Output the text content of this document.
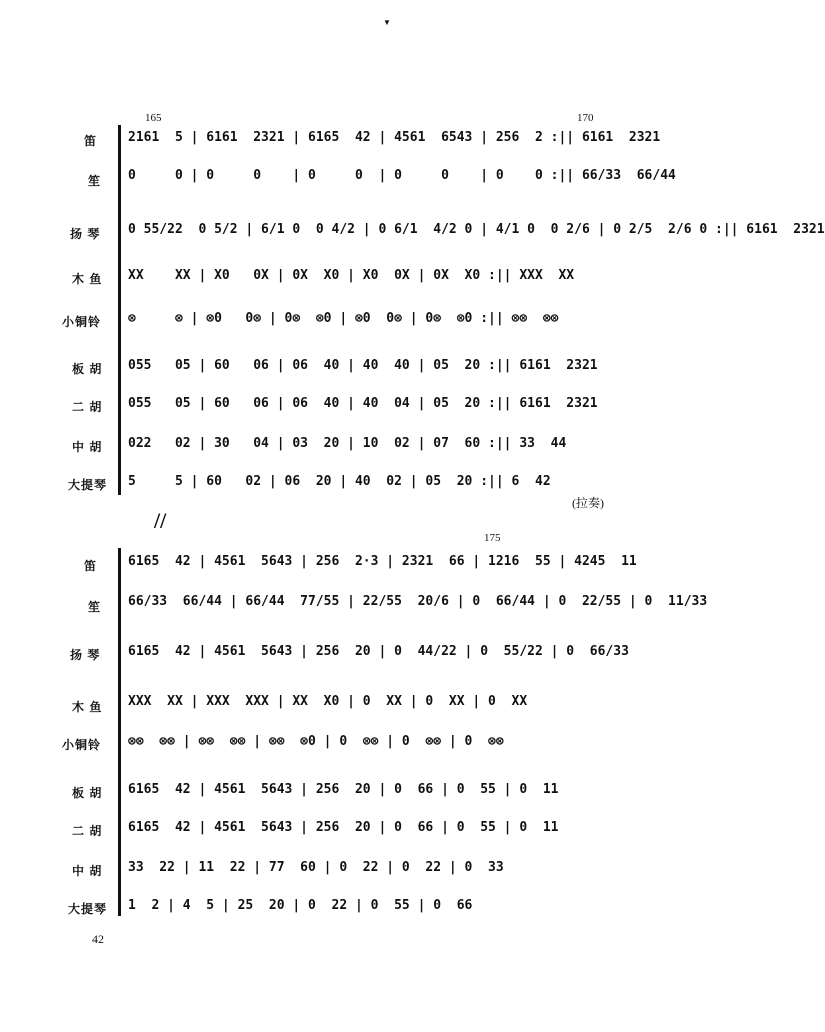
▼
165	170
笛
笙
扬 琴
木 鱼
小铜铃
板 胡
二 胡
中 胡
大提琴
2161  5 | 6161  2321 | 6165  42 | 4561  6543 | 256  2 :|| 6161  2321
0     0 | 0     0    | 0     0  | 0     0    | 0    0 :|| 66/33  66/44
0 55/22  0 5/2 | 6/1 0  0 4/2 | 0 6/1  4/2 0 | 4/1 0  0 2/6 | 0 2/5  2/6 0 :|| 6161  2321
XX    XX | X0   0X | 0X  X0 | X0  0X | 0X  X0 :|| XXX  XX
⊗     ⊗ | ⊗0   0⊗ | 0⊗  ⊗0 | ⊗0  0⊗ | 0⊗  ⊗0 :|| ⊗⊗  ⊗⊗
055   05 | 60   06 | 06  40 | 40  40 | 05  20 :|| 6161  2321
055   05 | 60   06 | 06  40 | 40  04 | 05  20 :|| 6161  2321
022   02 | 30   04 | 03  20 | 10  02 | 07  60 :|| 33  44
5     5 | 60   02 | 06  20 | 40  02 | 05  20 :|| 6  42
(拉奏)
//
175
笛
笙
扬 琴
木 鱼
小铜铃
板 胡
二 胡
中 胡
大提琴
6165  42 | 4561  5643 | 256  2·3 | 2321  66 | 1216  55 | 4245  11
66/33  66/44 | 66/44  77/55 | 22/55  20/6 | 0  66/44 | 0  22/55 | 0  11/33
6165  42 | 4561  5643 | 256  20 | 0  44/22 | 0  55/22 | 0  66/33
XXX  XX | XXX  XXX | XX  X0 | 0  XX | 0  XX | 0  XX
⊗⊗  ⊗⊗ | ⊗⊗  ⊗⊗ | ⊗⊗  ⊗0 | 0  ⊗⊗ | 0  ⊗⊗ | 0  ⊗⊗
6165  42 | 4561  5643 | 256  20 | 0  66 | 0  55 | 0  11
6165  42 | 4561  5643 | 256  20 | 0  66 | 0  55 | 0  11
33  22 | 11  22 | 77  60 | 0  22 | 0  22 | 0  33
1  2 | 4  5 | 25  20 | 0  22 | 0  55 | 0  66
42
